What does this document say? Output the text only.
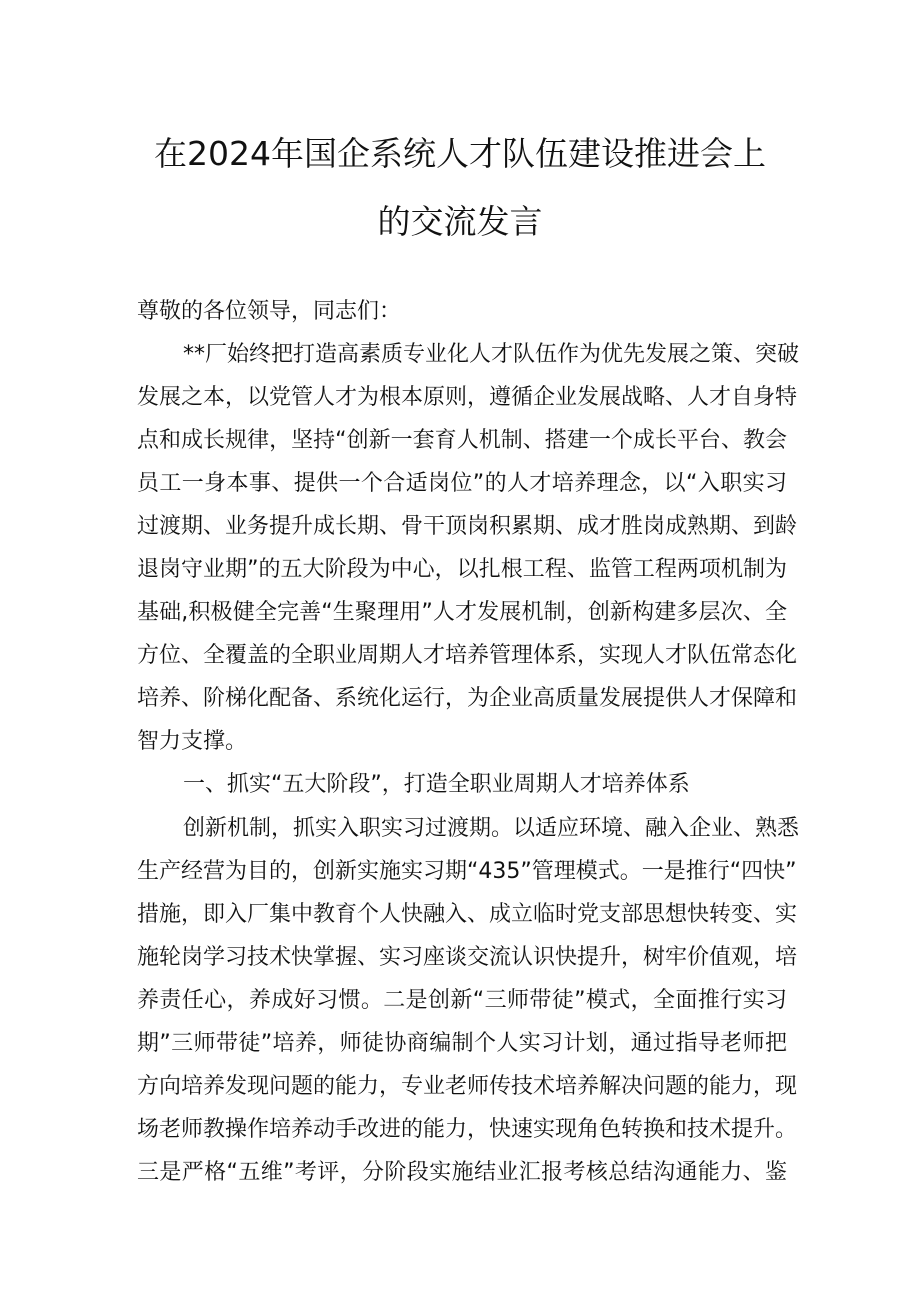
在2024年国企系统人才队伍建设推进会上
的交流发言
尊敬的各位领导，同志们：
**厂始终把打造高素质专业化人才队伍作为优先发展之策、突破
发展之本，以党管人才为根本原则，遵循企业发展战略、人才自身特
点和成长规律，坚持“创新一套育人机制、搭建一个成长平台、教会
员工一身本事、提供一个合适岗位”的人才培养理念，以“入职实习
过渡期、业务提升成长期、骨干顶岗积累期、成才胜岗成熟期、到龄
退岗守业期”的五大阶段为中心，以扎根工程、监管工程两项机制为
基础,积极健全完善“生聚理用”人才发展机制，创新构建多层次、全
方位、全覆盖的全职业周期人才培养管理体系，实现人才队伍常态化
培养、阶梯化配备、系统化运行，为企业高质量发展提供人才保障和
智力支撑。
一、抓实“五大阶段”，打造全职业周期人才培养体系
创新机制，抓实入职实习过渡期。以适应环境、融入企业、熟悉
生产经营为目的，创新实施实习期“435”管理模式。一是推行“四快”
措施，即入厂集中教育个人快融入、成立临时党支部思想快转变、实
施轮岗学习技术快掌握、实习座谈交流认识快提升，树牢价值观，培
养责任心，养成好习惯。二是创新“三师带徒”模式，全面推行实习
期”三师带徒”培养，师徒协商编制个人实习计划，通过指导老师把
方向培养发现问题的能力，专业老师传技术培养解决问题的能力，现
场老师教操作培养动手改进的能力，快速实现角色转换和技术提升。
三是严格“五维”考评，分阶段实施结业汇报考核总结沟通能力、鉴
